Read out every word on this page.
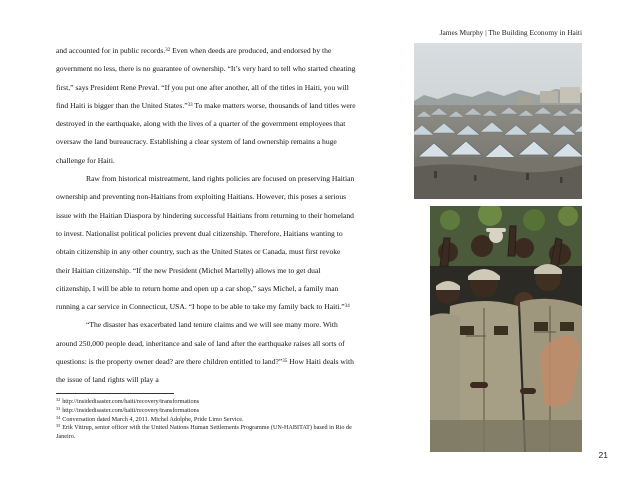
James Murphy | The Building Economy in Haiti

and accounted for in public records.$^{32}$ Even when deeds are produced, and endorsed by the government no less, there is no guarantee of ownership. “It’s very hard to tell who started cheating first,” says President Rene Preval. “If you put one after another, all of the titles in Haiti, you will find Haiti is bigger than the United States.”$^{33}$ To make matters worse, thousands of land titles were destroyed in the earthquake, along with the lives of a quarter of the government employees that oversaw the land bureaucracy. Establishing a clear system of land ownership remains a huge challenge for Haiti.

Raw from historical mistreatment, land rights policies are focused on preserving Haitian ownership and preventing non-Haitians from exploiting Haitians. However, this poses a serious issue with the Haitian Diaspora by hindering successful Haitians from returning to their homeland to invest. Nationalist political policies prevent dual citizenship. Therefore, Haitians wanting to obtain citizenship in any other country, such as the United States or Canada, must first revoke their Haitian citizenship. “If the new President (Michel Martelly) allows me to get dual citizenship, I will be able to return home and open up a car shop,” says Michel, a family man running a car service in Connecticut, USA. “I hope to be able to take my family back to Haiti.”$^{34}$

“The disaster has exacerbated land tenure claims and we will see many more. With around 250,000 people dead, inheritance and sale of land after the earthquake raises all sorts of questions: is the property owner dead? are there children entitled to land?”$^{35}$ How Haiti deals with the issue of land rights will play a

$^{32}$ http://insidedisaster.com/haiti/recovery/transformations
$^{33}$ http://insidedisaster.com/haiti/recovery/transformations
$^{34}$ Conversation dated March 4, 2011. Michel Adolphe, Pride Limo Service.
$^{35}$ Erik Vittrup, senior officer with the United Nations Human Settlements Programme (UN-HABITAT) based in Rio de Janeiro.
21
